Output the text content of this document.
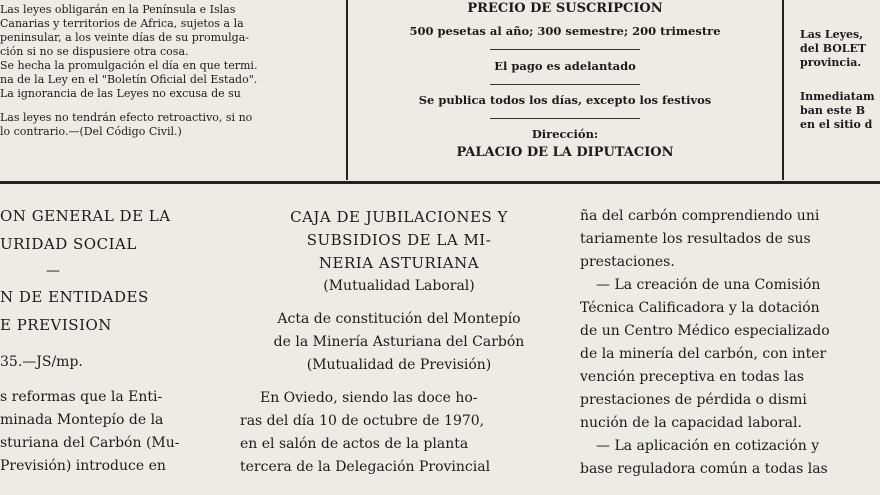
Las leyes obligarán en la Península e Islas
Canarias y territorios de Africa, sujetos a la
peninsular, a los veinte días de su promulga-
ción si no se dispusiere otra cosa.
Se hecha la promulgación el día en que termi.
na de la Ley en el "Boletín Oficial del Estado".
La ignorancia de las Leyes no excusa de su
Las leyes no tendrán efecto retroactivo, si no
lo contrario.—(Del Código Civil.)
PRECIO DE SUSCRIPCION
500 pesetas al año; 300 semestre; 200 trimestre
El pago es adelantado
Se publica todos los días, excepto los festivos
Dirección:
PALACIO DE LA DIPUTACION
Las Leyes,
del BOLET
provincia.
Inmediatam
ban este B
en el sitio d
ON GENERAL DE LA
URIDAD SOCIAL
—
N DE ENTIDADES
E PREVISION
35.—JS/mp.
s reformas que la Enti-
minada Montepío de la
sturiana del Carbón (Mu-
Previsión) introduce en
CAJA DE JUBILACIONES Y
SUBSIDIOS DE LA MI-
NERIA ASTURIANA
(Mutualidad Laboral)
Acta de constitución del Montepío
de la Minería Asturiana del Carbón
(Mutualidad de Previsión)
En Oviedo, siendo las doce ho-
ras del día 10 de octubre de 1970,
en el salón de actos de la planta
tercera de la Delegación Provincial
ña del carbón comprendiendo uni
tariamente los resultados de sus
prestaciones.
— La creación de una Comisión
Técnica Calificadora y la dotación
de un Centro Médico especializado
de la minería del carbón, con inter
vención preceptiva en todas las
prestaciones de pérdida o dismi
nución de la capacidad laboral.
— La aplicación en cotización y
base reguladora común a todas las
